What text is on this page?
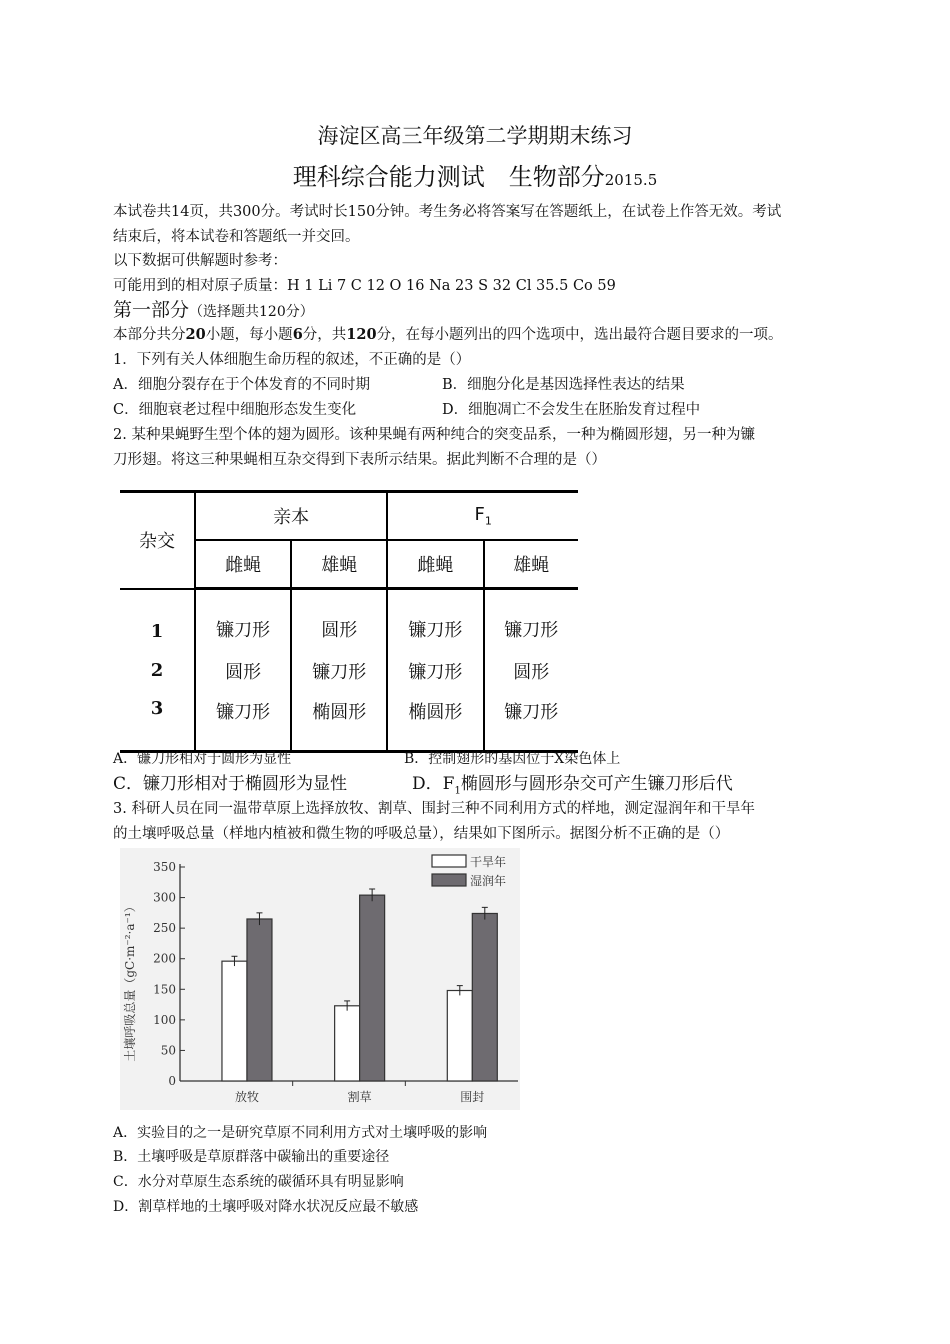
海淀区高三年级第二学期期末练习
理科综合能力测试　生物部分2015.5
本试卷共14页，共300分。考试时长150分钟。考生务必将答案写在答题纸上，在试卷上作答无效。考试
结束后，将本试卷和答题纸一并交回。
以下数据可供解题时参考：
可能用到的相对原子质量：H 1 Li 7 C 12 O 16 Na 23 S 32 Cl 35.5 Co 59
第一部分（选择题共120分）
本部分共分20小题，每小题6分，共120分，在每小题列出的四个选项中，选出最符合题目要求的一项。
1．下列有关人体细胞生命历程的叙述，不正确的是（）
A．细胞分裂存在于个体发育的不同时期	B．细胞分化是基因选择性表达的结果
C．细胞衰老过程中细胞形态发生变化	D．细胞凋亡不会发生在胚胎发育过程中
2. 某种果蝇野生型个体的翅为圆形。该种果蝇有两种纯合的突变品系，一种为椭圆形翅，另一种为镰
刀形翅。将这三种果蝇相互杂交得到下表所示结果。据此判断不合理的是（）
杂交	亲本		$F_1$
	雌蝇	雄蝇	雌蝇	雄蝇
1	镰刀形	圆形	镰刀形	镰刀形
2	圆形	镰刀形	镰刀形	圆形
3	镰刀形	椭圆形	椭圆形	镰刀形
A．镰刀形相对于圆形为显性	B．控制翅形的基因位于X染色体上
C．镰刀形相对于椭圆形为显性	D．$F_1$椭圆形与圆形杂交可产生镰刀形后代
3. 科研人员在同一温带草原上选择放牧、割草、围封三种不同利用方式的样地，测定湿润年和干旱年
的土壤呼吸总量（样地内植被和微生物的呼吸总量），结果如下图所示。据图分析不正确的是（）
0
50
100
150
200
250
300
350
放牧	割草	围封
干旱年
湿润年
土壤呼吸总量（gC·m⁻²·a⁻¹）
A．实验目的之一是研究草原不同利用方式对土壤呼吸的影响
B．土壤呼吸是草原群落中碳输出的重要途径
C．水分对草原生态系统的碳循环具有明显影响
D．割草样地的土壤呼吸对降水状况反应最不敏感
